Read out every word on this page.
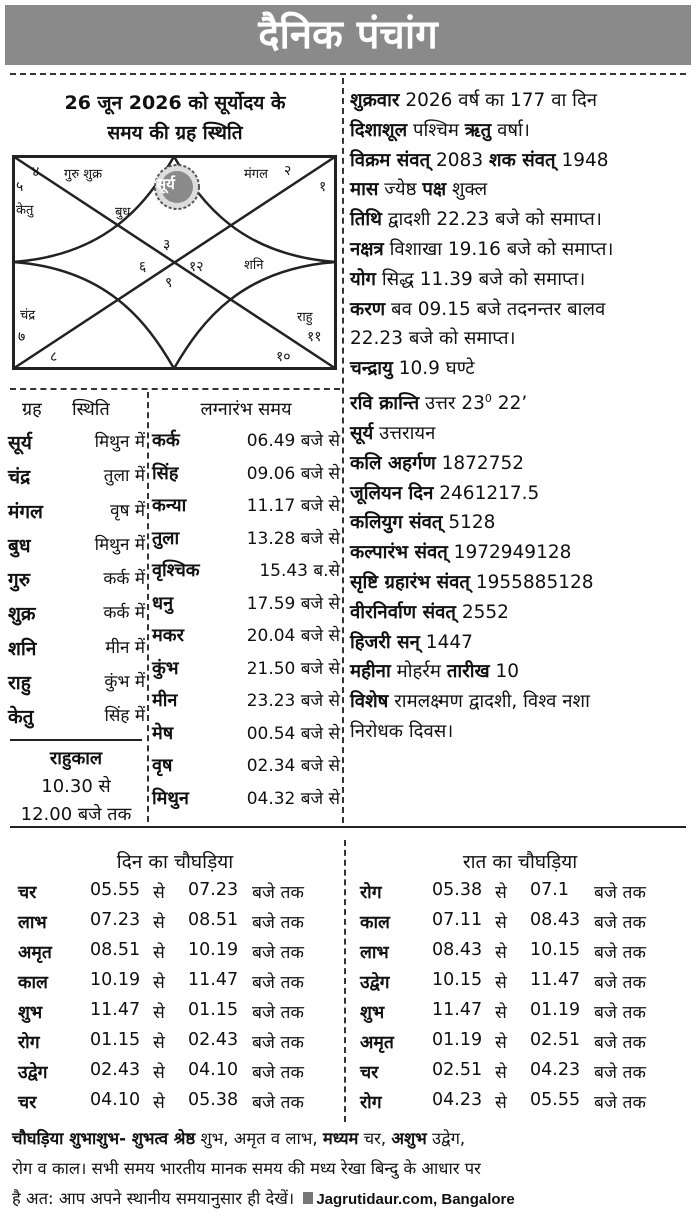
दैनिक पंचांग
26 जून 2026 को सूर्योदय के
समय की ग्रह स्थिति
४ गुरु शुक्र
सूर्य
मंगल २
५
केतु	बुध
१
३
६	१२	शनि
९
चंद्र	राहु
७	११
८	१०
शुक्रवार 2026 वर्ष का 177 वा दिन
दिशाशूल पश्चिम ऋतु वर्षा।
विक्रम संवत् 2083 शक संवत् 1948
मास ज्येष्ठ पक्ष शुक्ल
तिथि द्वादशी 22.23 बजे को समाप्त।
नक्षत्र विशाखा 19.16 बजे को समाप्त।
योग सिद्ध 11.39 बजे को समाप्त।
करण बव 09.15 बजे तदनन्तर बालव
22.23 बजे को समाप्त।
चन्द्रायु 10.9 घण्टे
रवि क्रान्ति उत्तर $23^0$ 22’
सूर्य उत्तरायन
कलि अहर्गण 1872752
जूलियन दिन 2461217.5
कलियुग संवत् 5128
कल्पारंभ संवत् 1972949128
सृष्टि ग्रहारंभ संवत् 1955885128
वीरनिर्वाण संवत् 2552
हिजरी सन् 1447
महीना मोहर्रम तारीख 10
विशेष रामलक्ष्मण द्वादशी, विश्व नशा
निरोधक दिवस।
ग्रह स्थिति
सूर्य	मिथुन में
चंद्र	तुला में
मंगल	वृष में
बुध	मिथुन में
गुरु	कर्क में
शुक्र	कर्क में
शनि	मीन में
राहु	कुंभ में
केतु	सिंह में
राहुकाल
10.30 से
12.00 बजे तक
लग्नारंभ समय
कर्क	06.49 बजे से
सिंह	09.06 बजे से
कन्या	11.17 बजे से
तुला	13.28 बजे से
वृश्चिक	15.43 ब.से
धनु	17.59 बजे से
मकर	20.04 बजे से
कुंभ	21.50 बजे से
मीन	23.23 बजे से
मेष	00.54 बजे से
वृष	02.34 बजे से
मिथुन	04.32 बजे से
दिन का चौघड़िया
चर	05.55 से 07.23 बजे तक
लाभ 07.23 से 08.51 बजे तक
अमृत 08.51 से 10.19 बजे तक
काल 10.19 से 11.47 बजे तक
शुभ	11.47 से 01.15 बजे तक
रोग	01.15 से 02.43 बजे तक
उद्वेग 02.43 से 04.10 बजे तक
चर	04.10 से 05.38 बजे तक
रात का चौघड़िया
रोग	05.38 से 07.1 बजे तक
काल 07.11 से 08.43 बजे तक
लाभ 08.43 से 10.15 बजे तक
उद्वेग 10.15 से 11.47 बजे तक
शुभ	11.47 से 01.19 बजे तक
अमृत 01.19 से 02.51 बजे तक
चर	02.51 से 04.23 बजे तक
रोग	04.23 से 05.55 बजे तक
चौघड़िया शुभाशुभ- शुभत्व श्रेष्ठ शुभ, अमृत व लाभ, मध्यम चर, अशुभ उद्वेग,
रोग व काल। सभी समय भारतीय मानक समय की मध्य रेखा बिन्दु के आधार पर
है अत: आप अपने स्थानीय समयानुसार ही देखें। Jagrutidaur.com, Bangalore
